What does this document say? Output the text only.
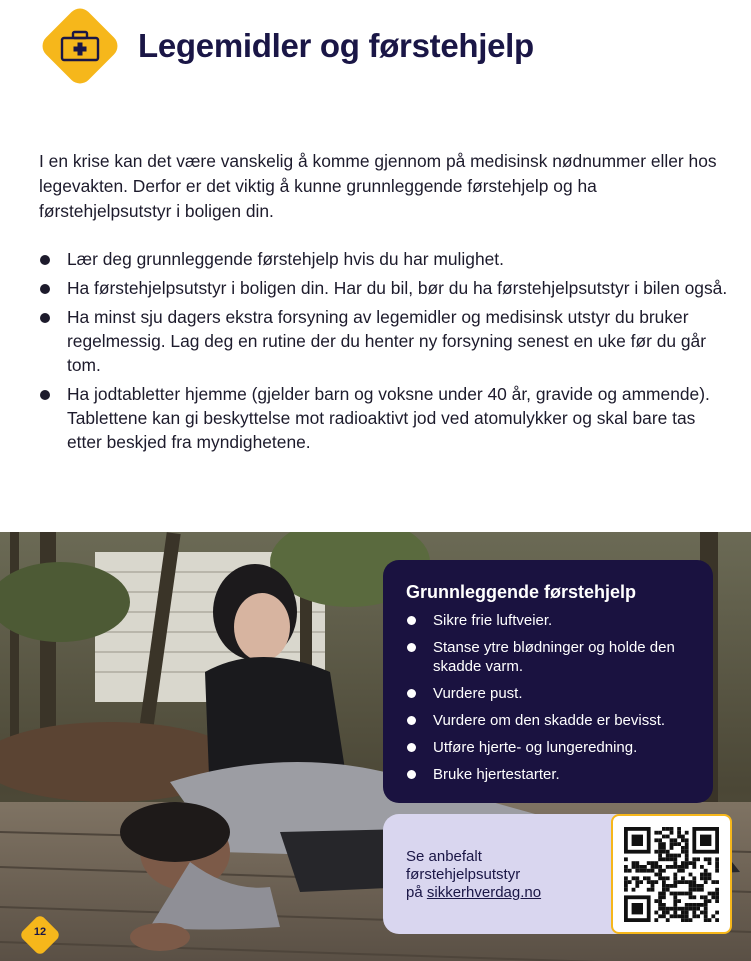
Legemidler og førstehjelp

I en krise kan det være vanskelig å komme gjennom på medisinsk nødnummer eller hos legevakten. Derfor er det viktig å kunne grunnleggende førstehjelp og ha førstehjelpsutstyr i boligen din.

Lær deg grunnleggende førstehjelp hvis du har mulighet.
Ha førstehjelpsutstyr i boligen din. Har du bil, bør du ha førstehjelpsutstyr i bilen også.
Ha minst sju dagers ekstra forsyning av legemidler og medisinsk utstyr du bruker regelmessig. Lag deg en rutine der du henter ny forsyning senest en uke før du går tom.
Ha jodtabletter hjemme (gjelder barn og voksne under 40 år, gravide og ammende). Tablettene kan gi beskyttelse mot radioaktivt jod ved atomulykker og skal bare tas etter beskjed fra myndighetene.
Grunnleggende førstehjelp
Sikre frie luftveier.
Stanse ytre blødninger og holde den skadde varm.
Vurdere pust.
Vurdere om den skadde er bevisst.
Utføre hjerte- og lungeredning.
Bruke hjertestarter.
Se anbefalt
førstehjelpsutstyr
på sikkerhverdag.no
12
